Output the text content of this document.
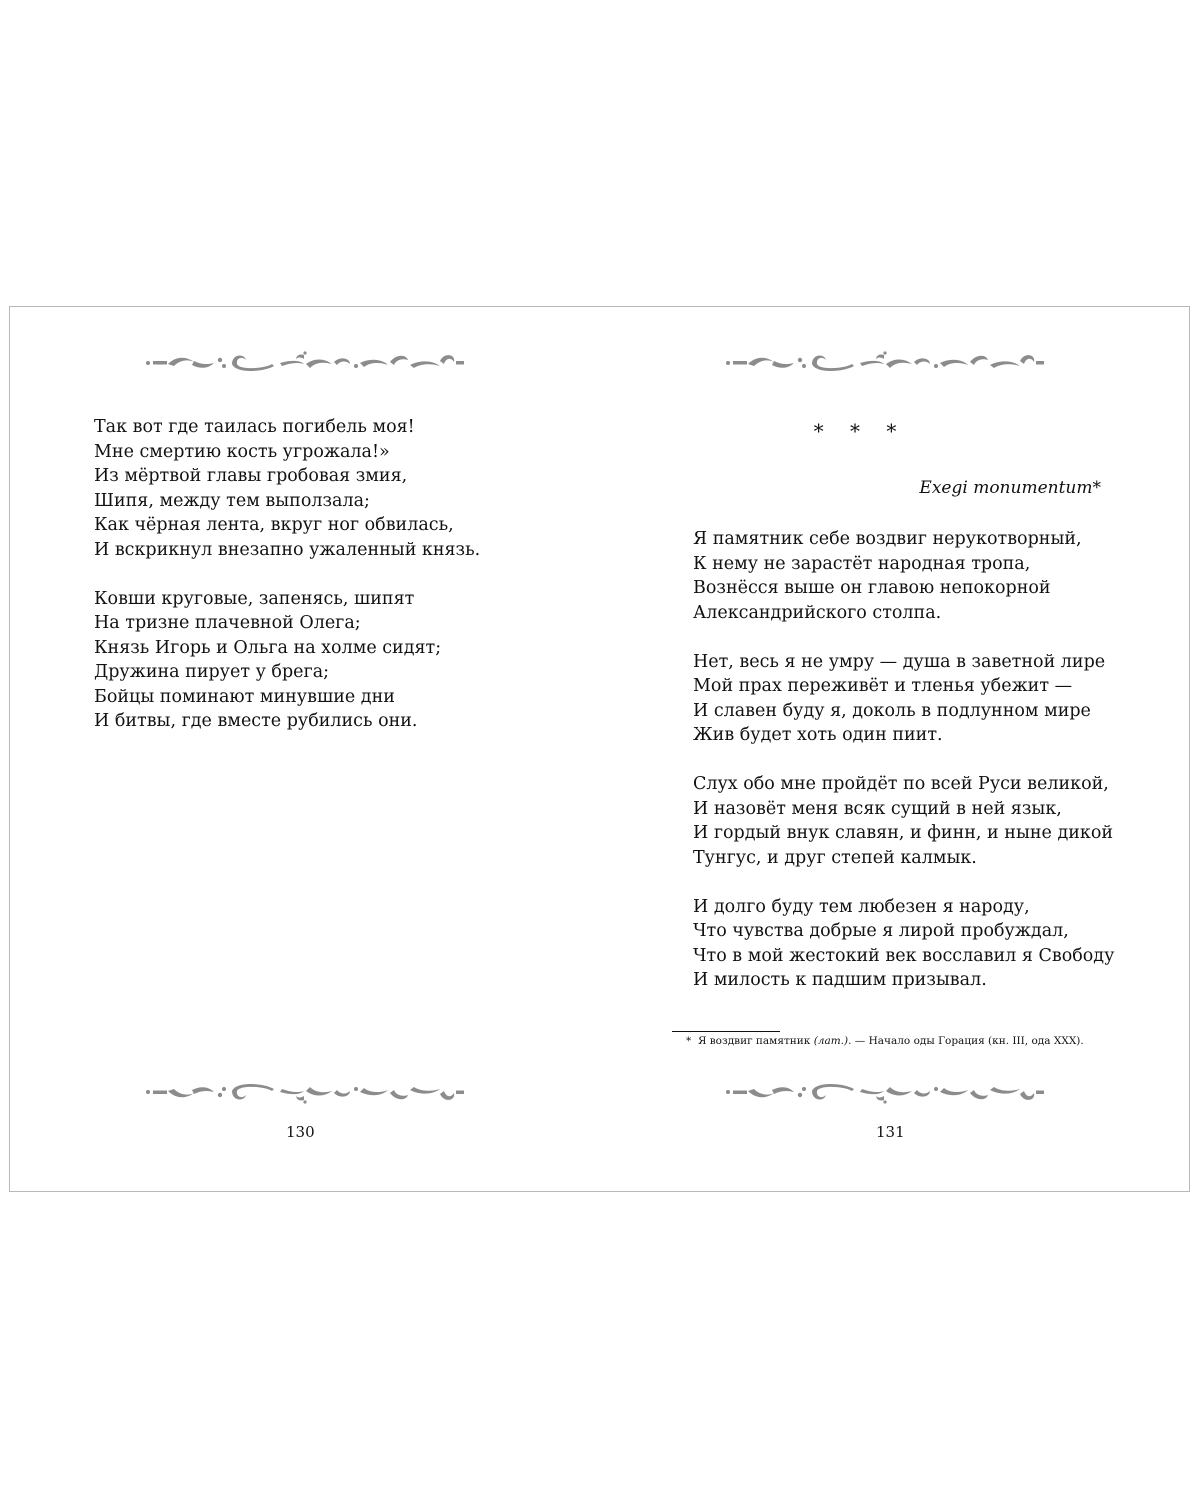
Так вот где таилась погибель моя!
Мне смертию кость угрожала!»
Из мёртвой главы гробовая змия,
Шипя, между тем выползала;
Как чёрная лента, вкруг ног обвилась,
И вскрикнул внезапно ужаленный князь.
Ковши круговые, запенясь, шипят
На тризне плачевной Олега;
Князь Игорь и Ольга на холме сидят;
Дружина пирует у брега;
Бойцы поминают минувшие дни
И битвы, где вместе рубились они.
130
* * *
Exegi monumentum*
Я памятник себе воздвиг нерукотворный,
К нему не зарастёт народная тропа,
Вознёсся выше он главою непокорной
Александрийского столпа.
Нет, весь я не умру — душа в заветной лире
Мой прах переживёт и тленья убежит —
И славен буду я, доколь в подлунном мире
Жив будет хоть один пиит.
Слух обо мне пройдёт по всей Руси великой,
И назовёт меня всяк сущий в ней язык,
И гордый внук славян, и финн, и ныне дикой
Тунгус, и друг степей калмык.
И долго буду тем любезен я народу,
Что чувства добрые я лирой пробуждал,
Что в мой жестокий век восславил я Свободу
И милость к падшим призывал.
131
* Я воздвиг памятник (лат.). — Начало оды Горация (кн. III, ода XXX).
